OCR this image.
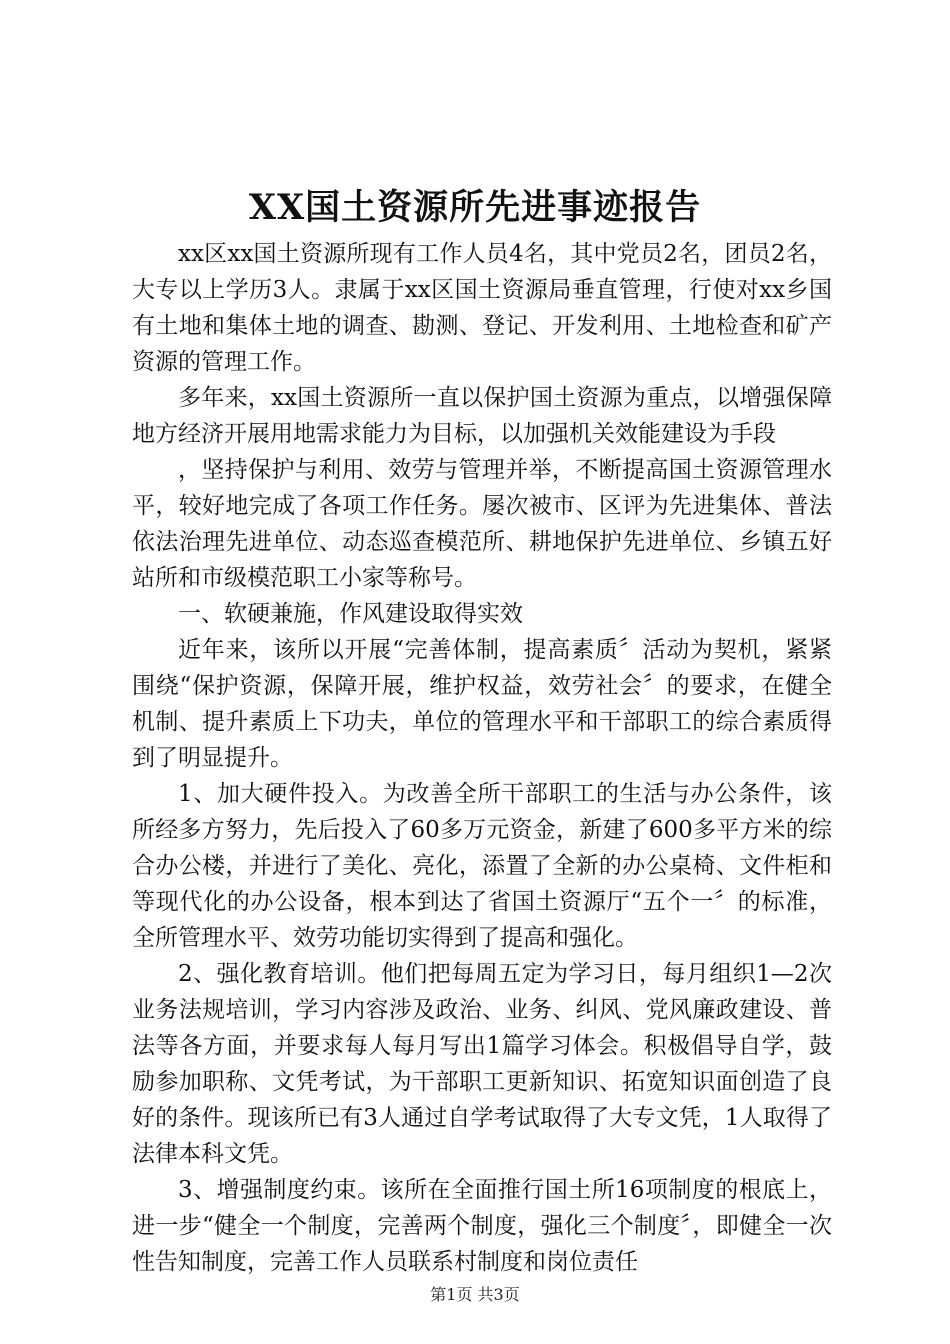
XX国土资源所先进事迹报告

xx区xx国土资源所现有工作人员4名，其中党员2名，团员2名，大专以上学历3人。隶属于xx区国土资源局垂直管理，行使对xx乡国有土地和集体土地的调查、勘测、登记、开发利用、土地检查和矿产资源的管理工作。

多年来，xx国土资源所一直以保护国土资源为重点，以增强保障地方经济开展用地需求能力为目标，以加强机关效能建设为手段

，坚持保护与利用、效劳与管理并举，不断提高国土资源管理水平，较好地完成了各项工作任务。屡次被市、区评为先进集体、普法依法治理先进单位、动态巡查模范所、耕地保护先进单位、乡镇五好站所和市级模范职工小家等称号。

一、软硬兼施，作风建设取得实效

近年来，该所以开展“完善体制，提高素质〞活动为契机，紧紧围绕“保护资源，保障开展，维护权益，效劳社会〞的要求，在健全机制、提升素质上下功夫，单位的管理水平和干部职工的综合素质得到了明显提升。

1、加大硬件投入。为改善全所干部职工的生活与办公条件，该所经多方努力，先后投入了60多万元资金，新建了600多平方米的综合办公楼，并进行了美化、亮化，添置了全新的办公桌椅、文件柜和等现代化的办公设备，根本到达了省国土资源厅“五个一〞的标准，全所管理水平、效劳功能切实得到了提高和强化。

2、强化教育培训。他们把每周五定为学习日，每月组织1—2次业务法规培训，学习内容涉及政治、业务、纠风、党风廉政建设、普法等各方面，并要求每人每月写出1篇学习体会。积极倡导自学，鼓励参加职称、文凭考试，为干部职工更新知识、拓宽知识面创造了良好的条件。现该所已有3人通过自学考试取得了大专文凭，1人取得了法律本科文凭。

3、增强制度约束。该所在全面推行国土所16项制度的根底上，进一步“健全一个制度，完善两个制度，强化三个制度〞，即健全一次性告知制度，完善工作人员联系村制度和岗位责任

第1页 共3页
